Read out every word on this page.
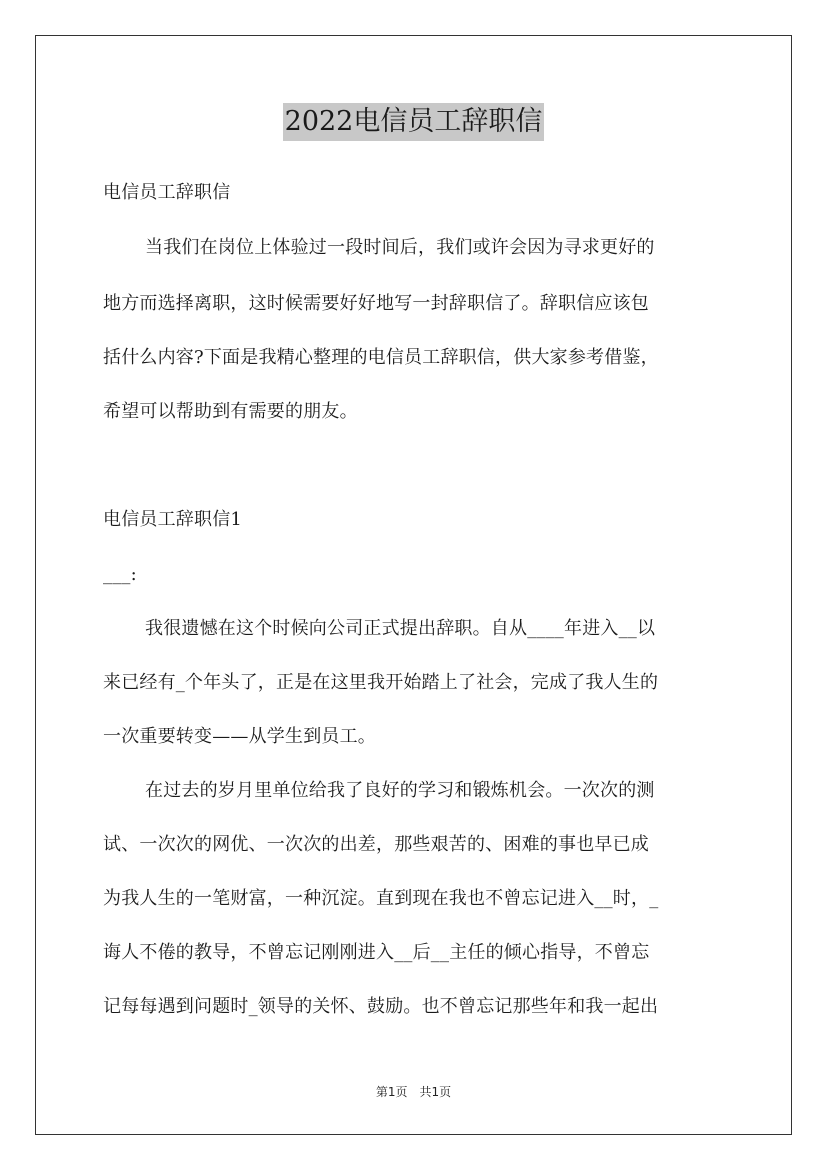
2022电信员工辞职信
电信员工辞职信
当我们在岗位上体验过一段时间后，我们或许会因为寻求更好的
地方而选择离职，这时候需要好好地写一封辞职信了。辞职信应该包
括什么内容?下面是我精心整理的电信员工辞职信，供大家参考借鉴，
希望可以帮助到有需要的朋友。
电信员工辞职信1
___:
我很遗憾在这个时候向公司正式提出辞职。自从____年进入__以
来已经有_个年头了，正是在这里我开始踏上了社会，完成了我人生的
一次重要转变——从学生到员工。
在过去的岁月里单位给我了良好的学习和锻炼机会。一次次的测
试、一次次的网优、一次次的出差，那些艰苦的、困难的事也早已成
为我人生的一笔财富，一种沉淀。直到现在我也不曾忘记进入__时，_
诲人不倦的教导，不曾忘记刚刚进入__后__主任的倾心指导，不曾忘
记每每遇到问题时_领导的关怀、鼓励。也不曾忘记那些年和我一起出
第1页　共1页
